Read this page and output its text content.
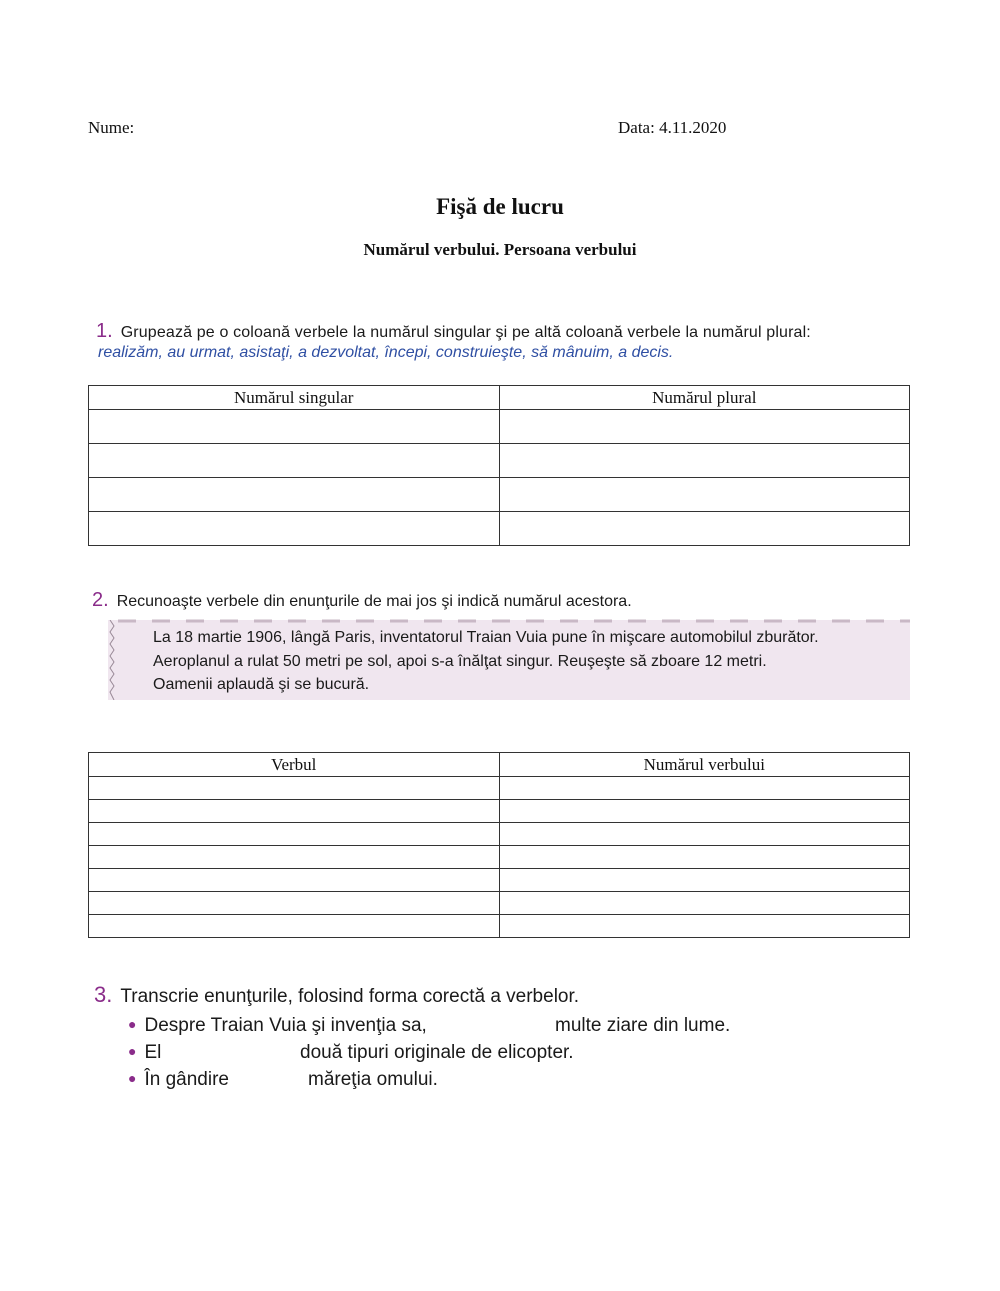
Nume:	Data: 4.11.2020
Fişă de lucru
Numărul verbului. Persoana verbului
1. Grupează pe o coloană verbele la numărul singular şi pe altă coloană verbele la numărul plural:
realizăm, au urmat, asistaţi, a dezvoltat, începi, construieşte, să mânuim, a decis.
Numărul singular	Numărul plural

2. Recunoaşte verbele din enunţurile de mai jos şi indică numărul acestora.
La 18 martie 1906, lângă Paris, inventatorul Traian Vuia pune în mişcare automobilul zburător.
Aeroplanul a rulat 50 metri pe sol, apoi s-a înălţat singur. Reuşeşte să zboare 12 metri.
Oamenii aplaudă şi se bucură.
Verbul	Numărul verbului

3. Transcrie enunţurile, folosind forma corectă a verbelor.
● Despre Traian Vuia şi invenţia sa,	multe ziare din lume.
● El	două tipuri originale de elicopter.
● În gândire	măreţia omului.
